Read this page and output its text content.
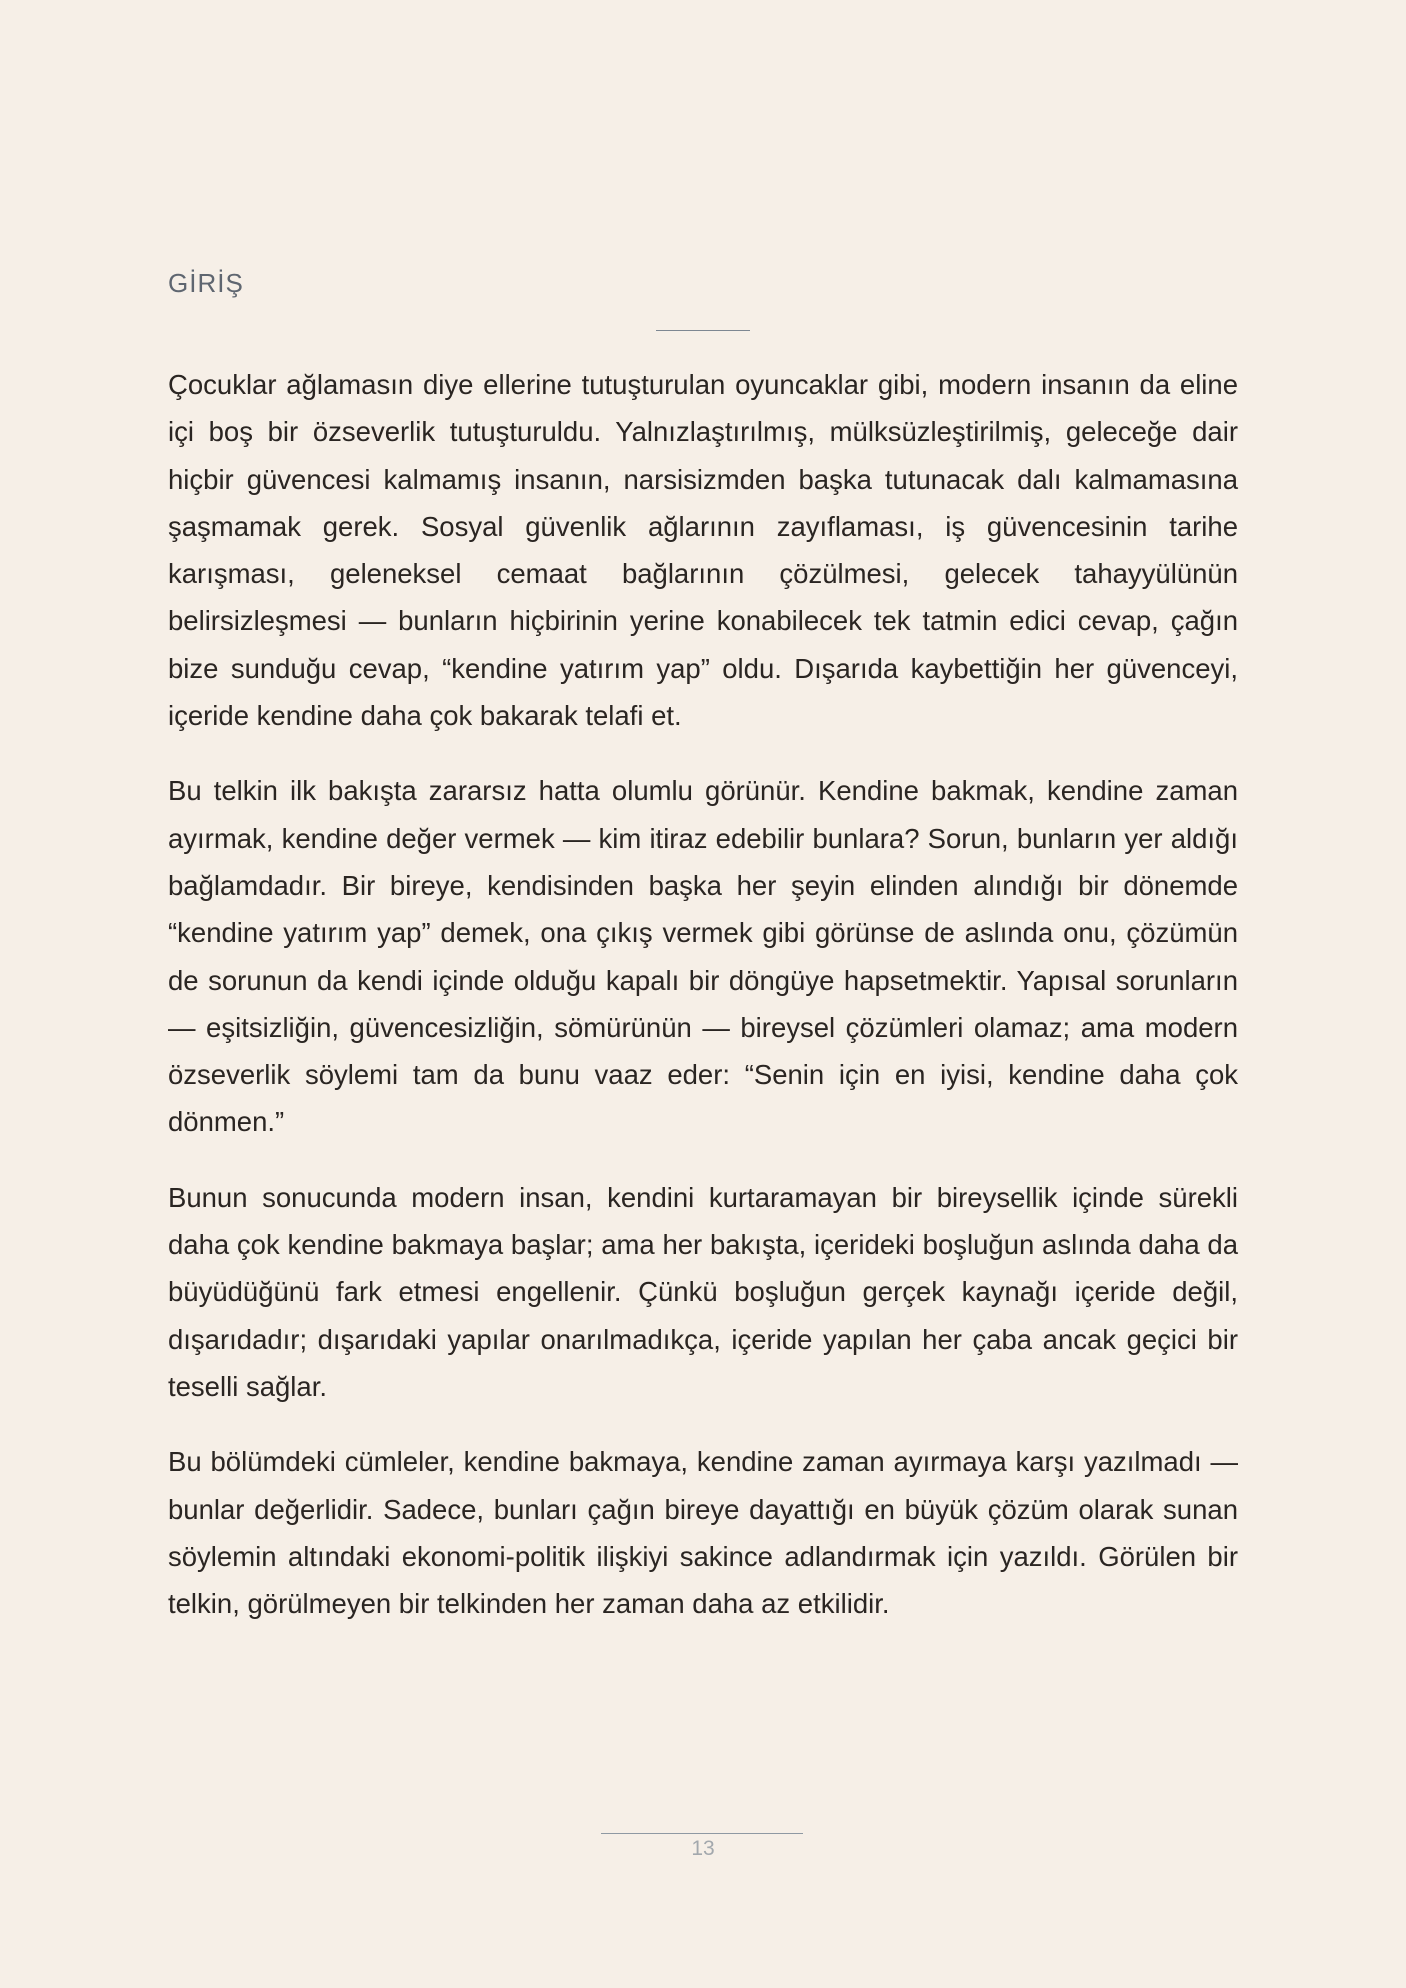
GİRİŞ

Çocuklar ağlamasın diye ellerine tutuşturulan oyuncaklar gibi, modern insanın da eline içi boş bir özseverlik tutuşturuldu. Yalnızlaştırılmış, mülksüzleştirilmiş, geleceğe dair hiçbir güvencesi kalmamış insanın, narsisizmden başka tutunacak dalı kalmamasına şaşmamak gerek. Sosyal güvenlik ağlarının zayıflaması, iş güvencesinin tarihe karışması, geleneksel cemaat bağlarının çözülmesi, gelecek tahayyülünün belirsizleşmesi — bunların hiçbirinin yerine konabilecek tek tatmin edici cevap, çağın bize sunduğu cevap, “kendine yatırım yap” oldu. Dışarıda kaybettiğin her güvenceyi, içeride kendine daha çok bakarak telafi et.

Bu telkin ilk bakışta zararsız hatta olumlu görünür. Kendine bakmak, kendine zaman ayırmak, kendine değer vermek — kim itiraz edebilir bunlara? Sorun, bunların yer aldığı bağlamdadır. Bir bireye, kendisinden başka her şeyin elinden alındığı bir dönemde “kendine yatırım yap” demek, ona çıkış vermek gibi görünse de aslında onu, çözümün de sorunun da kendi içinde olduğu kapalı bir döngüye hapsetmektir. Yapısal sorunların — eşitsizliğin, güvencesizliğin, sömürünün — bireysel çözümleri olamaz; ama modern özseverlik söylemi tam da bunu vaaz eder: “Senin için en iyisi, kendine daha çok dönmen.”

Bunun sonucunda modern insan, kendini kurtaramayan bir bireysellik içinde sürekli daha çok kendine bakmaya başlar; ama her bakışta, içerideki boşluğun aslında daha da büyüdüğünü fark etmesi engellenir. Çünkü boşluğun gerçek kaynağı içeride değil, dışarıdadır; dışarıdaki yapılar onarılmadıkça, içeride yapılan her çaba ancak geçici bir teselli sağlar.

Bu bölümdeki cümleler, kendine bakmaya, kendine zaman ayırmaya karşı yazılmadı — bunlar değerlidir. Sadece, bunları çağın bireye dayattığı en büyük çözüm olarak sunan söylemin altındaki ekonomi-politik ilişkiyi sakince adlandırmak için yazıldı. Görülen bir telkin, görülmeyen bir telkinden her zaman daha az etkilidir.

13
